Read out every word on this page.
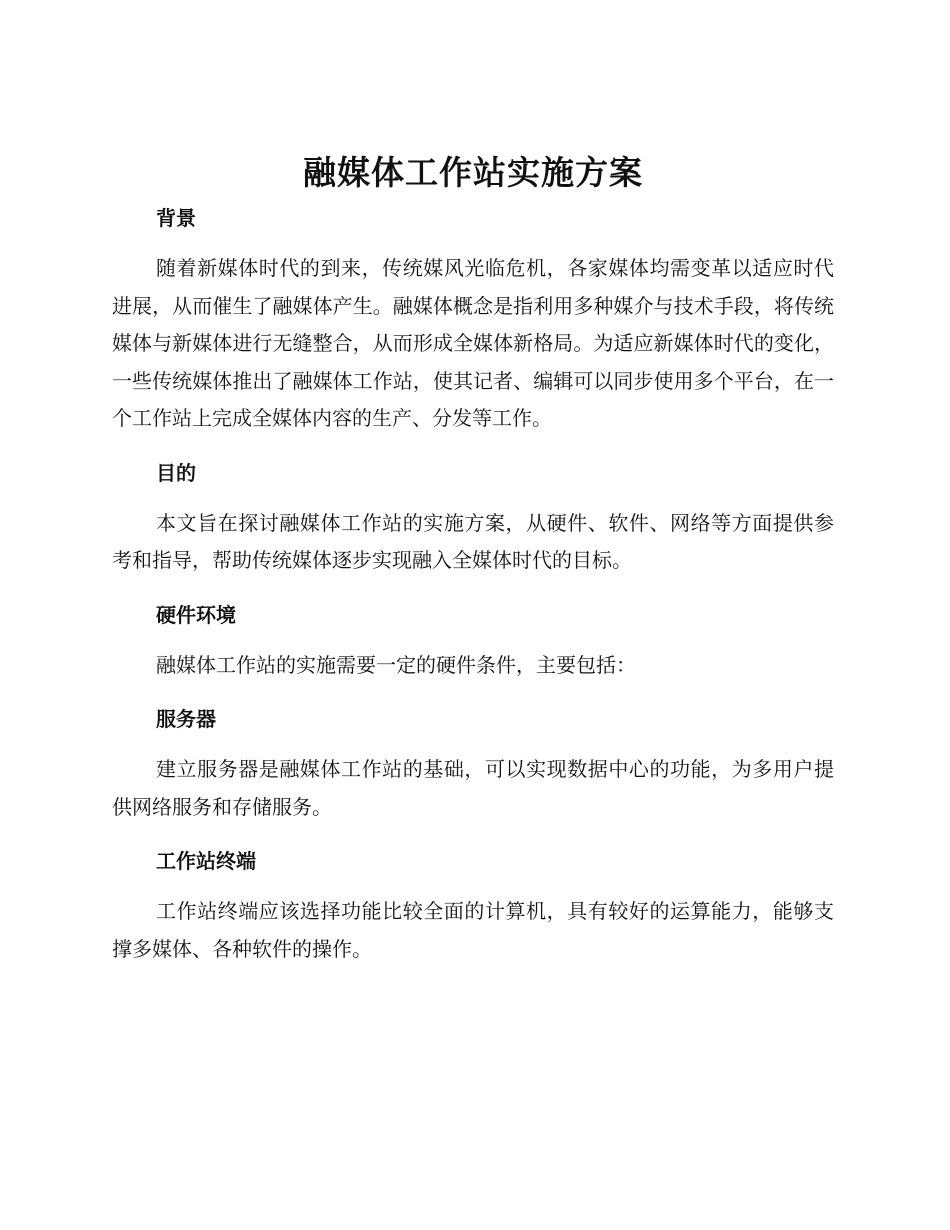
融媒体工作站实施方案
背景

随着新媒体时代的到来，传统媒风光临危机，各家媒体均需变革以适应时代进展，从而催生了融媒体产生。融媒体概念是指利用多种媒介与技术手段，将传统媒体与新媒体进行无缝整合，从而形成全媒体新格局。为适应新媒体时代的变化，一些传统媒体推出了融媒体工作站，使其记者、编辑可以同步使用多个平台，在一个工作站上完成全媒体内容的生产、分发等工作。

目的

本文旨在探讨融媒体工作站的实施方案，从硬件、软件、网络等方面提供参考和指导，帮助传统媒体逐步实现融入全媒体时代的目标。

硬件环境

融媒体工作站的实施需要一定的硬件条件，主要包括：

服务器

建立服务器是融媒体工作站的基础，可以实现数据中心的功能，为多用户提供网络服务和存储服务。

工作站终端

工作站终端应该选择功能比较全面的计算机，具有较好的运算能力，能够支撑多媒体、各种软件的操作。
